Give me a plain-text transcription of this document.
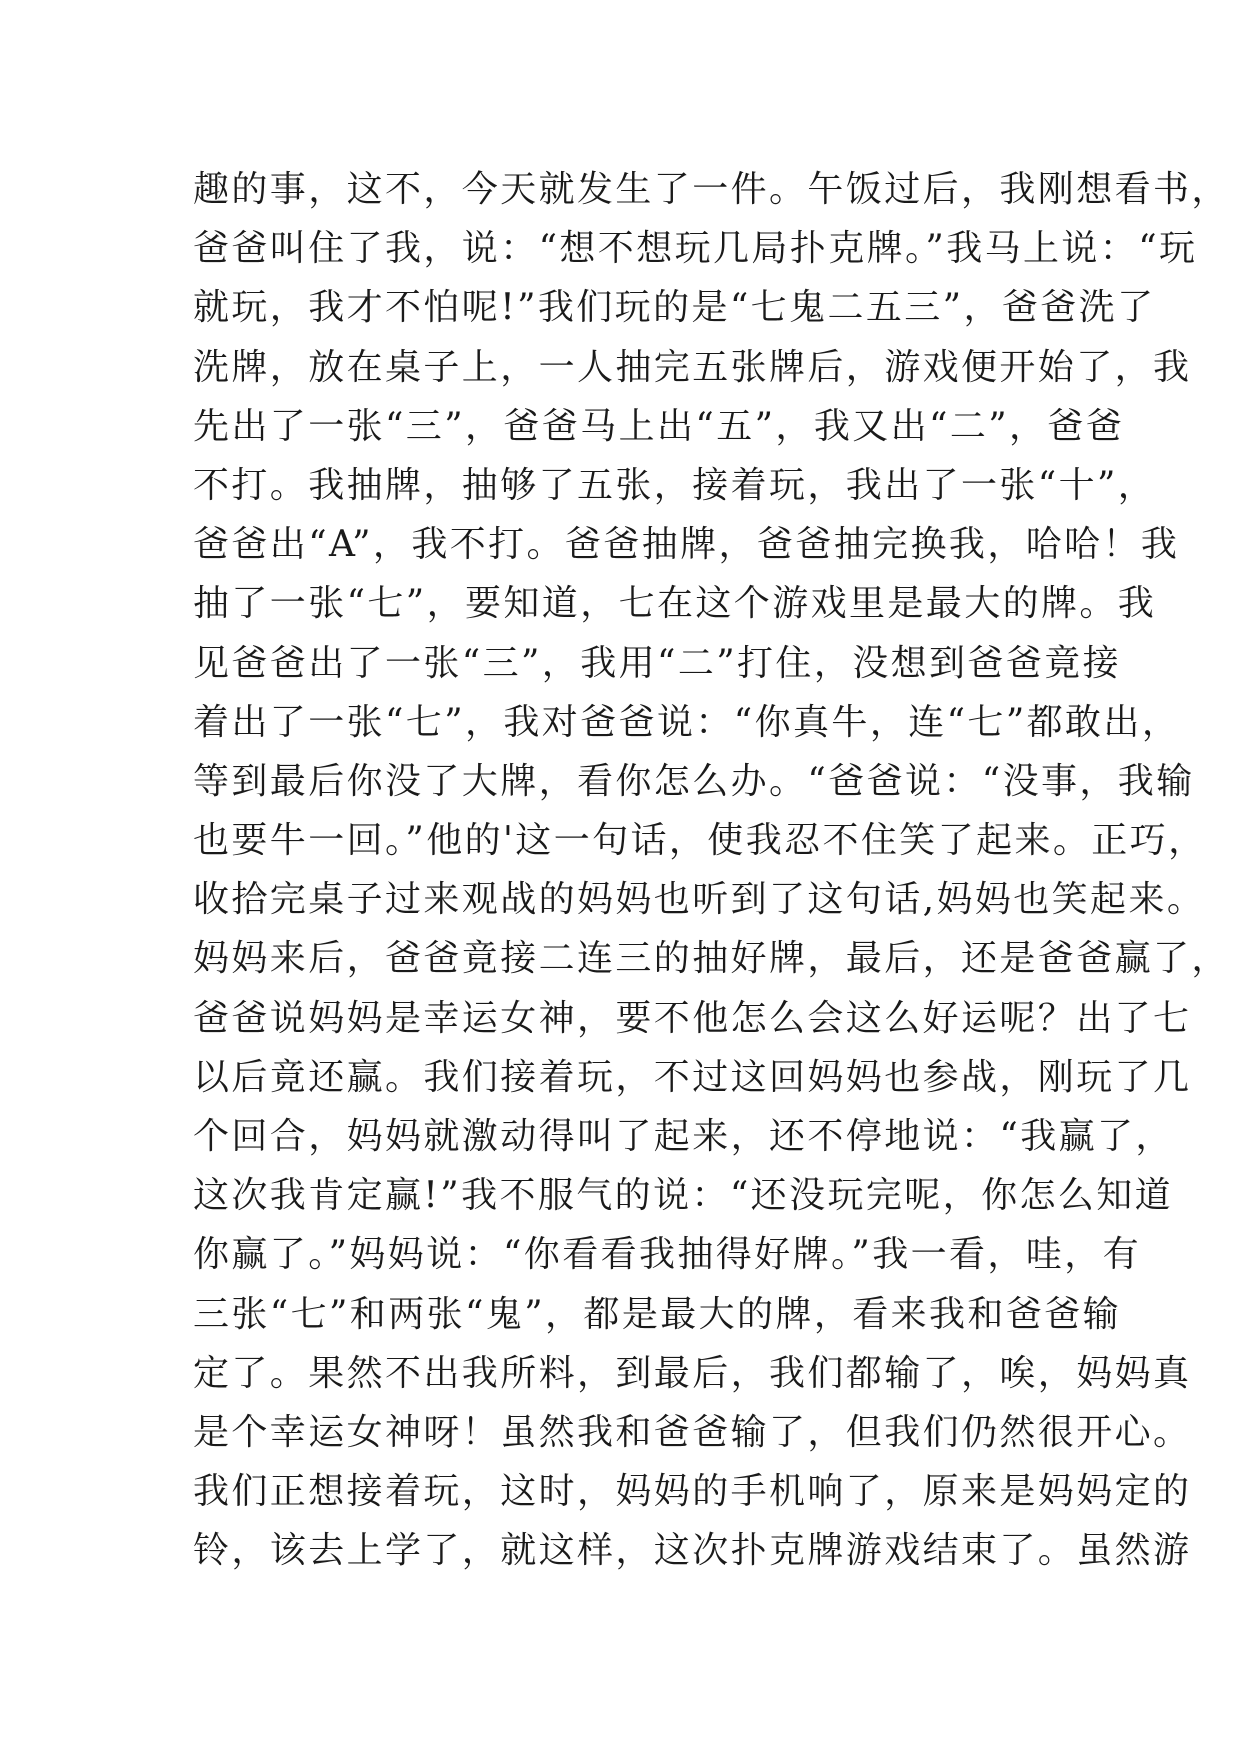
趣的事，这不，今天就发生了一件。午饭过后，我刚想看书，
爸爸叫住了我，说：“想不想玩几局扑克牌。”我马上说：“玩
就玩，我才不怕呢!”我们玩的是“七鬼二五三”，爸爸洗了
洗牌，放在桌子上，一人抽完五张牌后，游戏便开始了，我
先出了一张“三”，爸爸马上出“五”，我又出“二”，爸爸
不打。我抽牌，抽够了五张，接着玩，我出了一张“十”，
爸爸出“A”，我不打。爸爸抽牌，爸爸抽完换我，哈哈！我
抽了一张“七”，要知道，七在这个游戏里是最大的牌。我
见爸爸出了一张“三”，我用“二”打住，没想到爸爸竟接
着出了一张“七”，我对爸爸说：“你真牛，连“七”都敢出，
等到最后你没了大牌，看你怎么办。“爸爸说：“没事，我输
也要牛一回。”他的'这一句话，使我忍不住笑了起来。正巧，
收拾完桌子过来观战的妈妈也听到了这句话,妈妈也笑起来。
妈妈来后，爸爸竟接二连三的抽好牌，最后，还是爸爸赢了，
爸爸说妈妈是幸运女神，要不他怎么会这么好运呢？出了七
以后竟还赢。我们接着玩，不过这回妈妈也参战，刚玩了几
个回合，妈妈就激动得叫了起来，还不停地说：“我赢了，
这次我肯定赢!”我不服气的说：“还没玩完呢，你怎么知道
你赢了。”妈妈说：“你看看我抽得好牌。”我一看，哇，有
三张“七”和两张“鬼”，都是最大的牌，看来我和爸爸输
定了。果然不出我所料，到最后，我们都输了，唉，妈妈真
是个幸运女神呀！虽然我和爸爸输了，但我们仍然很开心。
我们正想接着玩，这时，妈妈的手机响了，原来是妈妈定的
铃，该去上学了，就这样，这次扑克牌游戏结束了。虽然游
